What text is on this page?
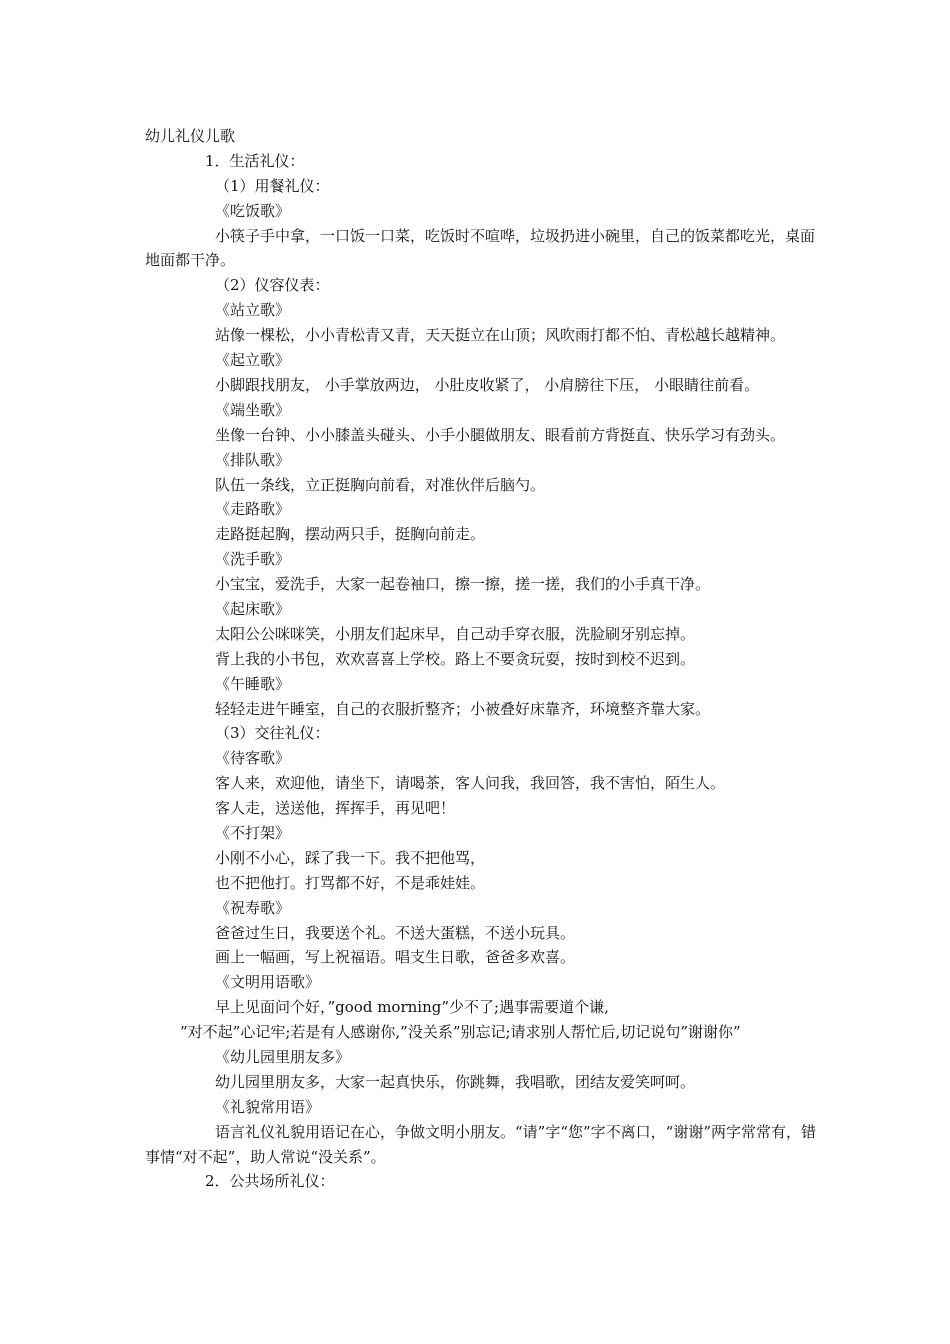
幼儿礼仪儿歌
1．生活礼仪：
（1）用餐礼仪：
《吃饭歌》
小筷子手中拿，一口饭一口菜，吃饭时不喧哗，垃圾扔进小碗里，自己的饭菜都吃光，桌面地面都干净。
（2）仪容仪表：
《站立歌》
站像一棵松，小小青松青又青，天天挺立在山顶；风吹雨打都不怕、青松越长越精神。
《起立歌》
小脚跟找朋友， 小手掌放两边， 小肚皮收紧了， 小肩膀往下压， 小眼睛往前看。
《端坐歌》
坐像一台钟、小小膝盖头碰头、小手小腿做朋友、眼看前方背挺直、快乐学习有劲头。
《排队歌》
队伍一条线，立正挺胸向前看，对准伙伴后脑勺。
《走路歌》
走路挺起胸，摆动两只手，挺胸向前走。
《洗手歌》
小宝宝，爱洗手，大家一起卷袖口，擦一擦，搓一搓，我们的小手真干净。
《起床歌》
太阳公公咪咪笑，小朋友们起床早，自己动手穿衣服，洗脸刷牙别忘掉。
背上我的小书包，欢欢喜喜上学校。路上不要贪玩耍，按时到校不迟到。
《午睡歌》
轻轻走进午睡室，自己的衣服折整齐；小被叠好床靠齐，环境整齐靠大家。
（3）交往礼仪：
《待客歌》
客人来，欢迎他，请坐下，请喝茶，客人问我，我回答，我不害怕，陌生人。
客人走，送送他，挥挥手，再见吧！
《不打架》
小刚不小心，踩了我一下。我不把他骂，
也不把他打。打骂都不好，不是乖娃娃。
《祝寿歌》
爸爸过生日，我要送个礼。不送大蛋糕，不送小玩具。
画上一幅画，写上祝福语。唱支生日歌，爸爸多欢喜。
《文明用语歌》
早上见面问个好，”good morning”少不了;遇事需要道个谦,
”对不起”心记牢;若是有人感谢你,”没关系”别忘记;请求别人帮忙后,切记说句”谢谢你”
《幼儿园里朋友多》
幼儿园里朋友多，大家一起真快乐，你跳舞，我唱歌，团结友爱笑呵呵。
《礼貌常用语》
语言礼仪礼貌用语记在心，争做文明小朋友。“请”字“您”字不离口，“谢谢”两字常常有，错事情“对不起”，助人常说“没关系”。
2．公共场所礼仪：
